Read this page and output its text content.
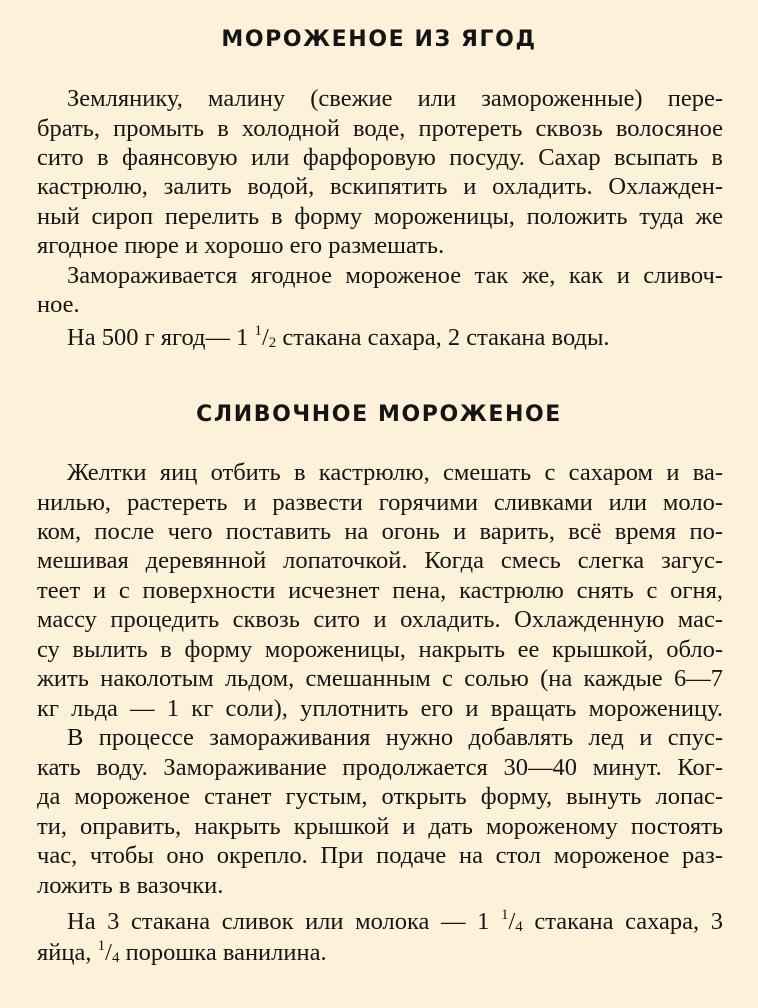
МОРОЖЕНОЕ ИЗ ЯГОД
Землянику, малину (свежие или замороженные) пере-
брать, промыть в холодной воде, протереть сквозь волосяное
сито в фаянсовую или фарфоровую посуду. Сахар всыпать в
кастрюлю, залить водой, вскипятить и охладить. Охлажден-
ный сироп перелить в форму мороженицы, положить туда же
ягодное пюре и хорошо его размешать.
Замораживается ягодное мороженое так же, как и сливоч-
ное.
На 500 г ягод— 1 $^1/_2$ стакана сахара, 2 стакана воды.
СЛИВОЧНОЕ МОРОЖЕНОЕ
Желтки яиц отбить в кастрюлю, смешать с сахаром и ва-
нилью, растереть и развести горячими сливками или моло-
ком, после чего поставить на огонь и варить, всё время по-
мешивая деревянной лопаточкой. Когда смесь слегка загус-
теет и с поверхности исчезнет пена, кастрюлю снять с огня,
массу процедить сквозь сито и охладить. Охлажденную мас-
су вылить в форму мороженицы, накрыть ее крышкой, обло-
жить наколотым льдом, смешанным с солью (на каждые 6—7
кг льда — 1 кг соли), уплотнить его и вращать мороженицу.
В процессе замораживания нужно добавлять лед и спус-
кать воду. Замораживание продолжается 30—40 минут. Ког-
да мороженое станет густым, открыть форму, вынуть лопас-
ти, оправить, накрыть крышкой и дать мороженому постоять
час, чтобы оно окрепло. При подаче на стол мороженое раз-
ложить в вазочки.
На 3 стакана сливок или молока — 1 $^1/_4$ стакана сахара, 3
яйца, $^1/_4$ порошка ванилина.
